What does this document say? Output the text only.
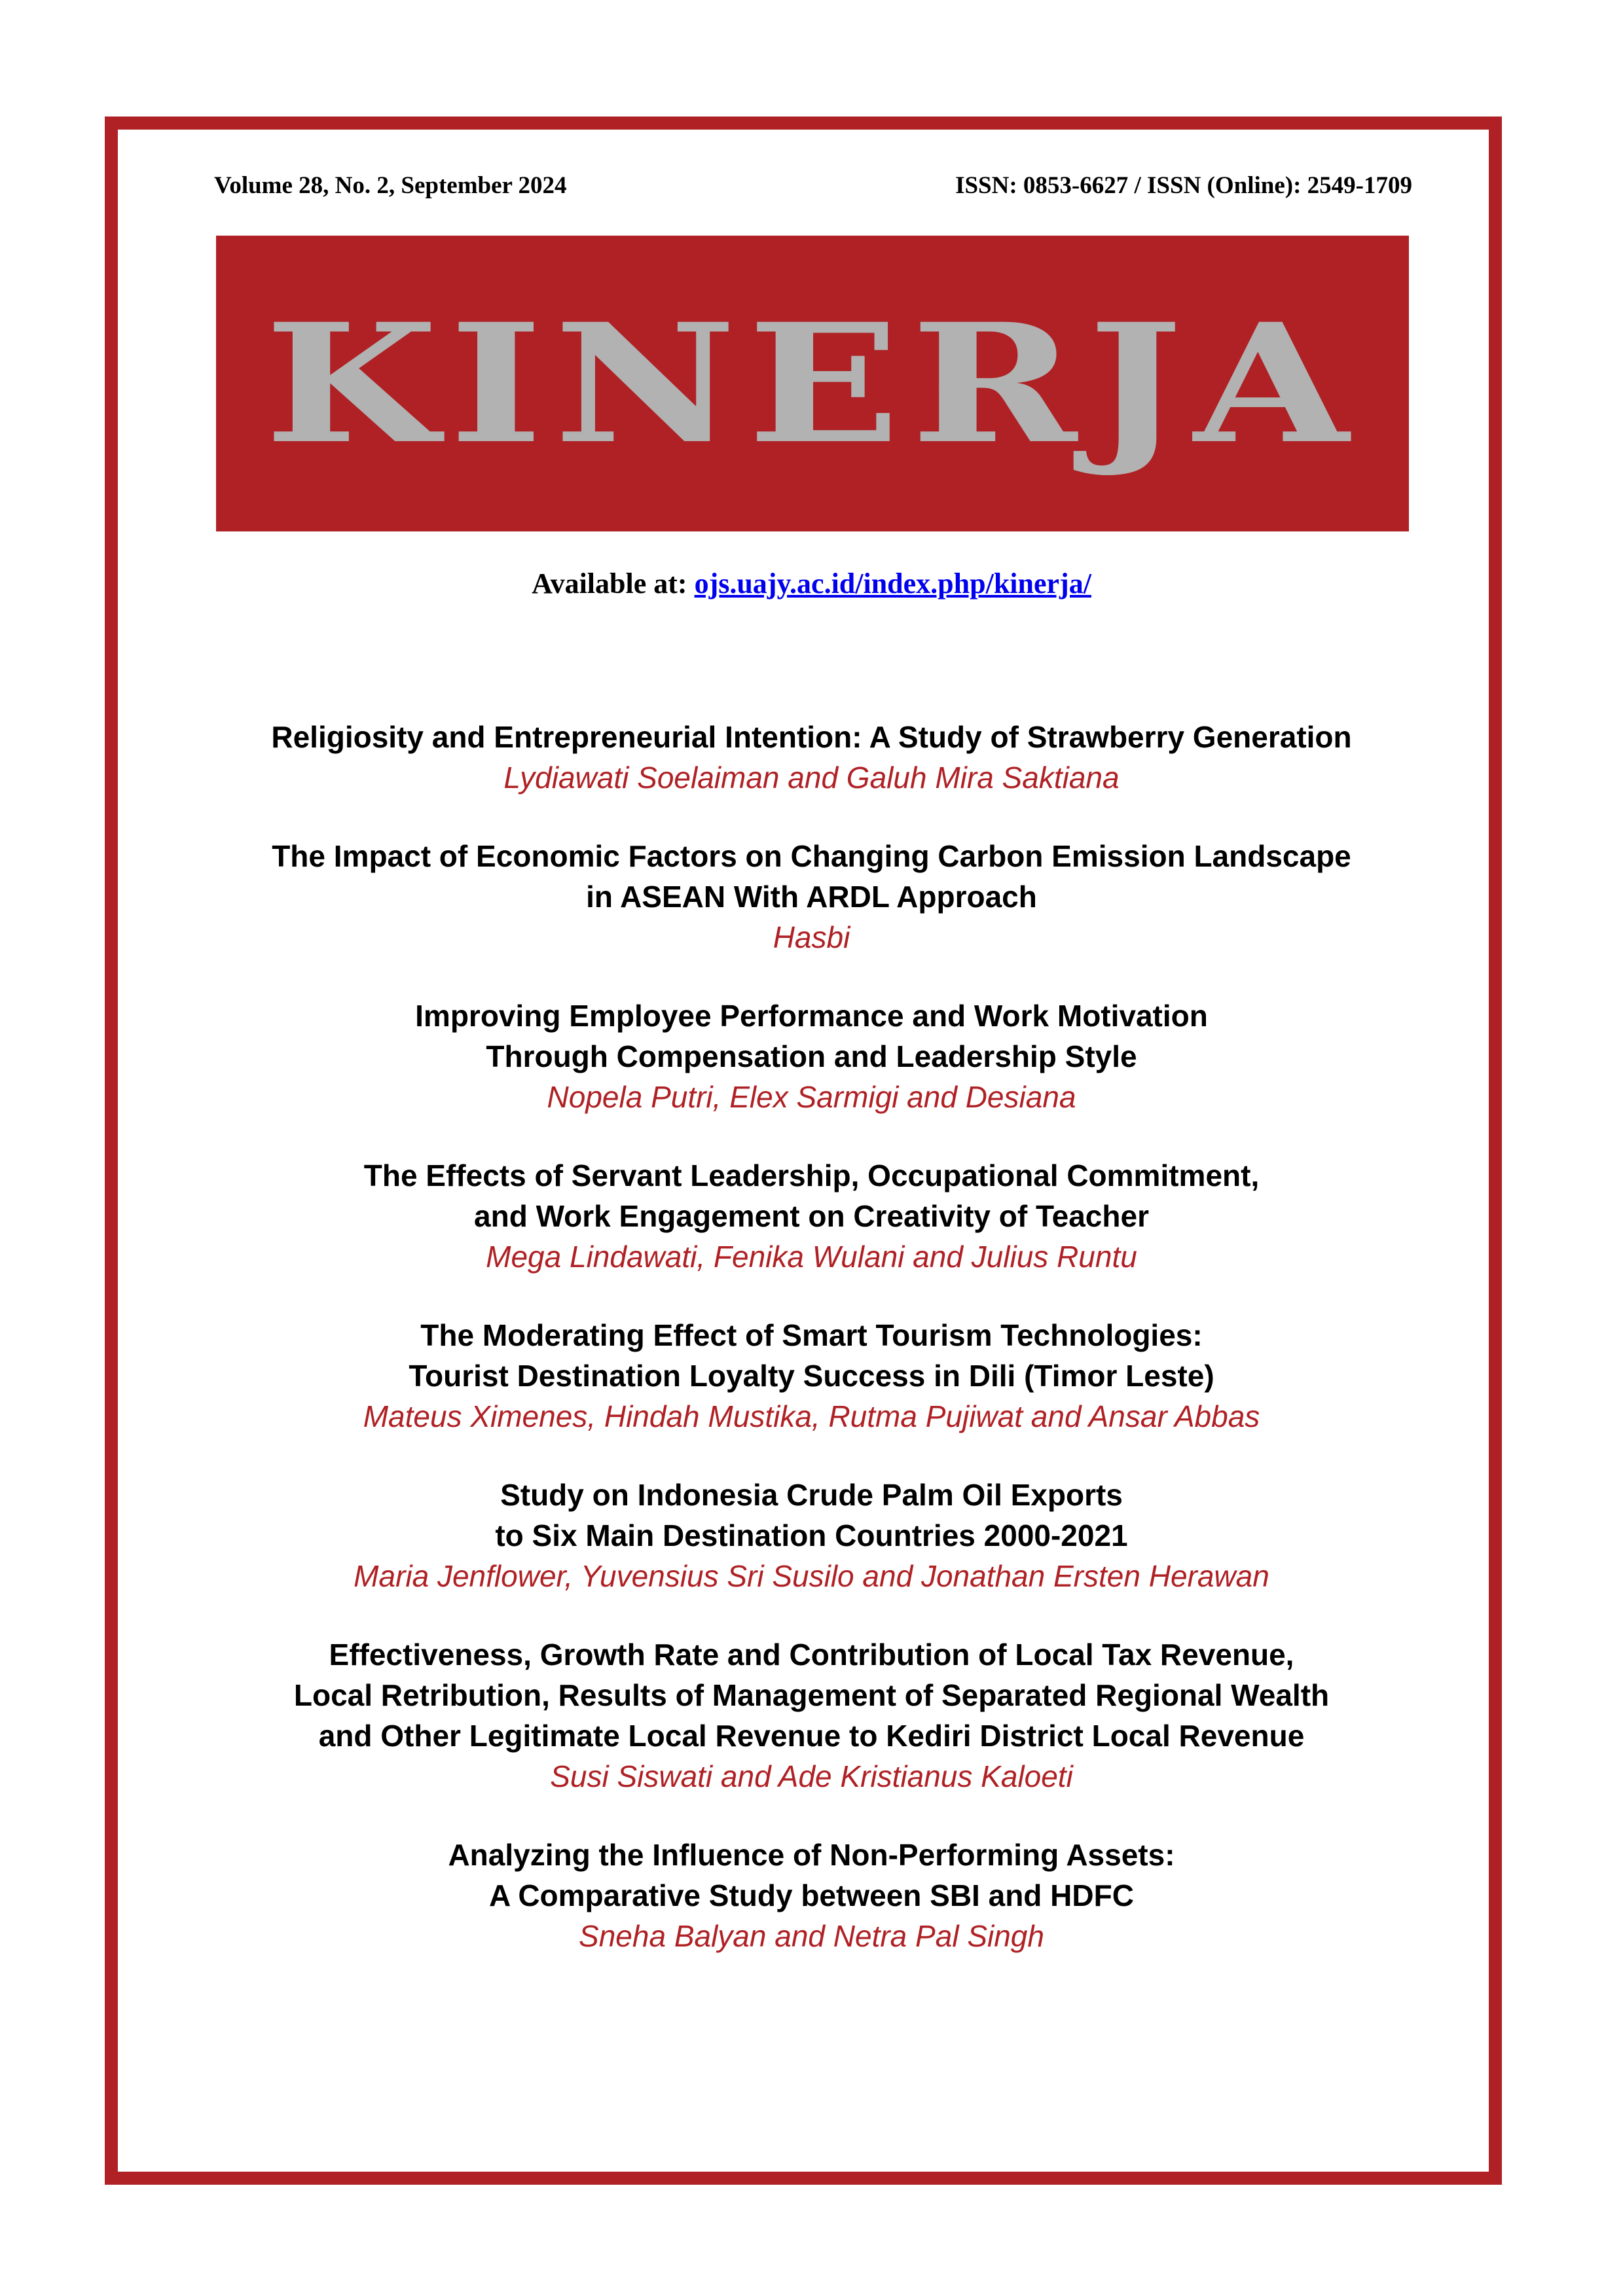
Volume 28, No. 2, September 2024	ISSN: 0853-6627 / ISSN (Online): 2549-1709
KINERJA
Available at: ojs.uajy.ac.id/index.php/kinerja/
Religiosity and Entrepreneurial Intention: A Study of Strawberry Generation
Lydiawati Soelaiman and Galuh Mira Saktiana
The Impact of Economic Factors on Changing Carbon Emission Landscape
in ASEAN With ARDL Approach
Hasbi
Improving Employee Performance and Work Motivation
Through Compensation and Leadership Style
Nopela Putri, Elex Sarmigi and Desiana
The Effects of Servant Leadership, Occupational Commitment,
and Work Engagement on Creativity of Teacher
Mega Lindawati, Fenika Wulani and Julius Runtu
The Moderating Effect of Smart Tourism Technologies:
Tourist Destination Loyalty Success in Dili (Timor Leste)
Mateus Ximenes, Hindah Mustika, Rutma Pujiwat and Ansar Abbas
Study on Indonesia Crude Palm Oil Exports
to Six Main Destination Countries 2000-2021
Maria Jenflower, Yuvensius Sri Susilo and Jonathan Ersten Herawan
Effectiveness, Growth Rate and Contribution of Local Tax Revenue,
Local Retribution, Results of Management of Separated Regional Wealth
and Other Legitimate Local Revenue to Kediri District Local Revenue
Susi Siswati and Ade Kristianus Kaloeti
Analyzing the Influence of Non-Performing Assets:
A Comparative Study between SBI and HDFC
Sneha Balyan and Netra Pal Singh
